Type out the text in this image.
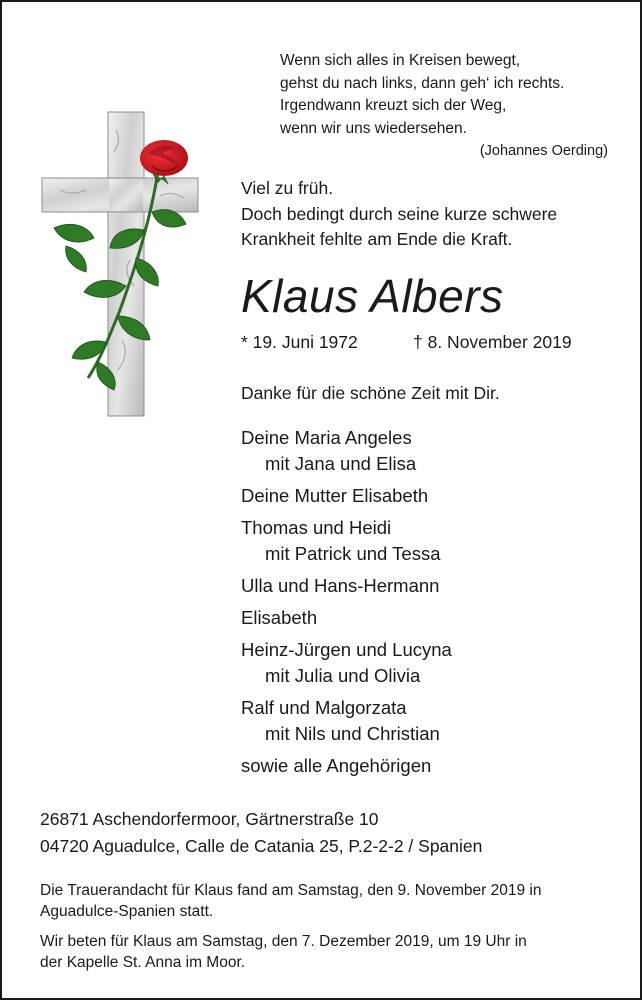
Wenn sich alles in Kreisen bewegt,
gehst du nach links, dann geh‘ ich rechts.
Irgendwann kreuzt sich der Weg,
wenn wir uns wiedersehen.
(Johannes Oerding)
Viel zu früh.
Doch bedingt durch seine kurze schwere
Krankheit fehlte am Ende die Kraft.
Klaus Albers
* 19. Juni 1972	† 8. November 2019
Danke für die schöne Zeit mit Dir.
Deine Maria Angeles
mit Jana und Elisa
Deine Mutter Elisabeth
Thomas und Heidi
mit Patrick und Tessa
Ulla und Hans-Hermann
Elisabeth
Heinz-Jürgen und Lucyna
mit Julia und Olivia
Ralf und Malgorzata
mit Nils und Christian
sowie alle Angehörigen
26871 Aschendorfermoor, Gärtnerstraße 10
04720 Aguadulce, Calle de Catania 25, P.2-2-2 / Spanien
Die Trauerandacht für Klaus fand am Samstag, den 9. November 2019 in
Aguadulce-Spanien statt.
Wir beten für Klaus am Samstag, den 7. Dezember 2019, um 19 Uhr in
der Kapelle St. Anna im Moor.
